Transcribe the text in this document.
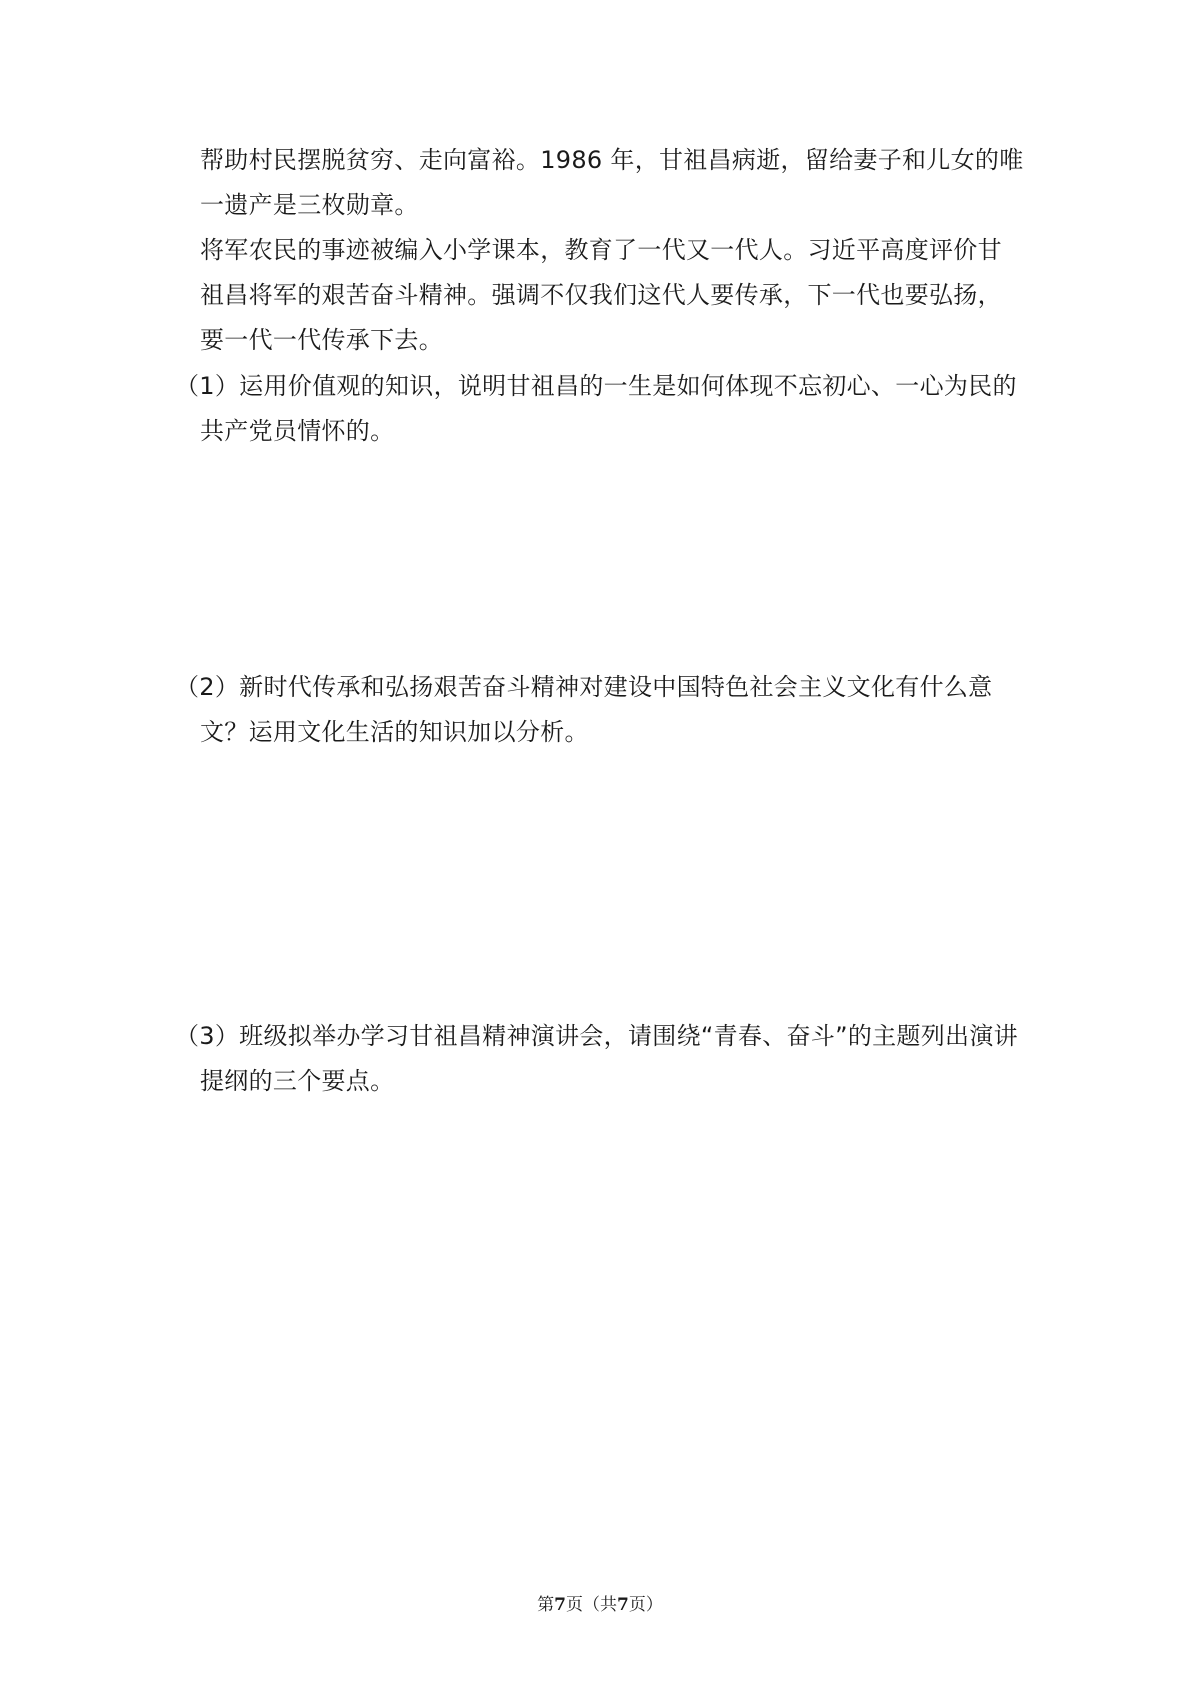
帮助村民摆脱贫穷、走向富裕。1986 年，甘祖昌病逝，留给妻子和儿女的唯
一遗产是三枚勋章。
将军农民的事迹被编入小学课本，教育了一代又一代人。习近平高度评价甘
祖昌将军的艰苦奋斗精神。强调不仅我们这代人要传承，下一代也要弘扬，
要一代一代传承下去。
（1）运用价值观的知识，说明甘祖昌的一生是如何体现不忘初心、一心为民的
共产党员情怀的。
（2）新时代传承和弘扬艰苦奋斗精神对建设中国特色社会主义文化有什么意
文？运用文化生活的知识加以分析。
（3）班级拟举办学习甘祖昌精神演讲会，请围绕“青春、奋斗”的主题列出演讲
提纲的三个要点。
第7页（共7页）
